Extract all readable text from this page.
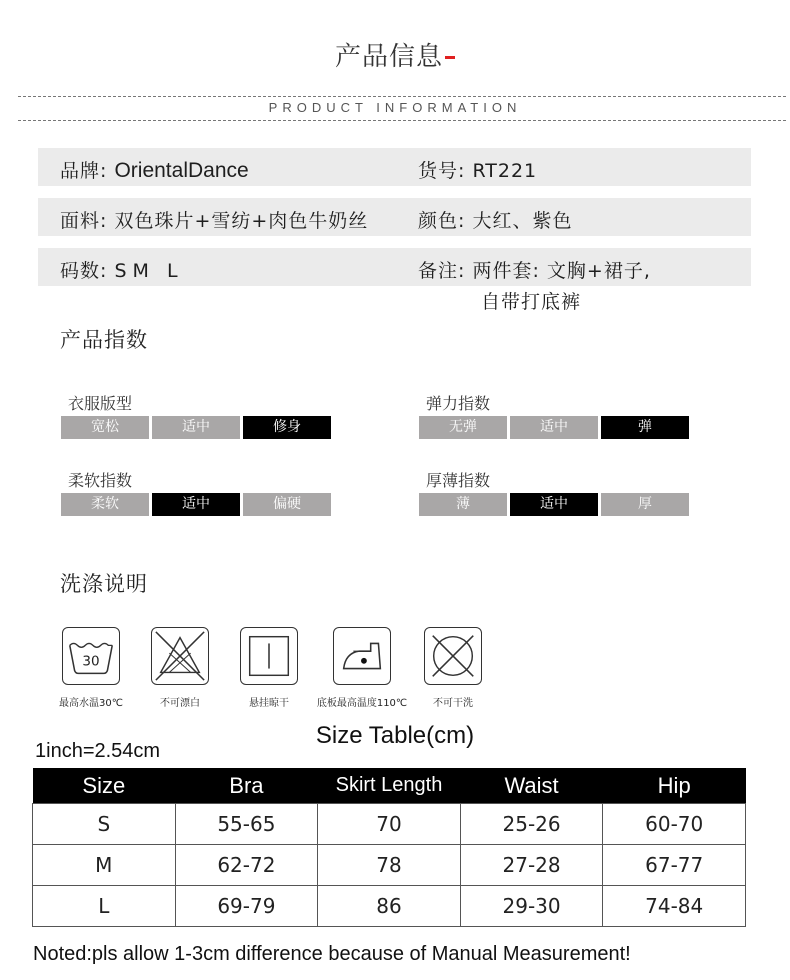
产品信息
PRODUCT INFORMATION
品牌: OrientalDance	货号: RT221
面料: 双色珠片+雪纺+肉色牛奶丝	颜色: 大红、紫色
码数: SM L	备注: 两件套: 文胸+裙子,
自带打底裤
产品指数
衣服版型
宽松	适中	修身
弹力指数
无弹	适中	弹
柔软指数
柔软	适中	偏硬
厚薄指数
薄	适中	厚
洗涤说明
30
最高水温30℃	不可漂白	悬挂晾干	底板最高温度110℃	不可干洗
Size Table(cm)
1inch=2.54cm
Size	Bra	Skirt Length	Waist	Hip
S	55-65	70	25-26	60-70
M	62-72	78	27-28	67-77
L	69-79	86	29-30	74-84
Noted:pls allow 1-3cm difference because of Manual Measurement!
